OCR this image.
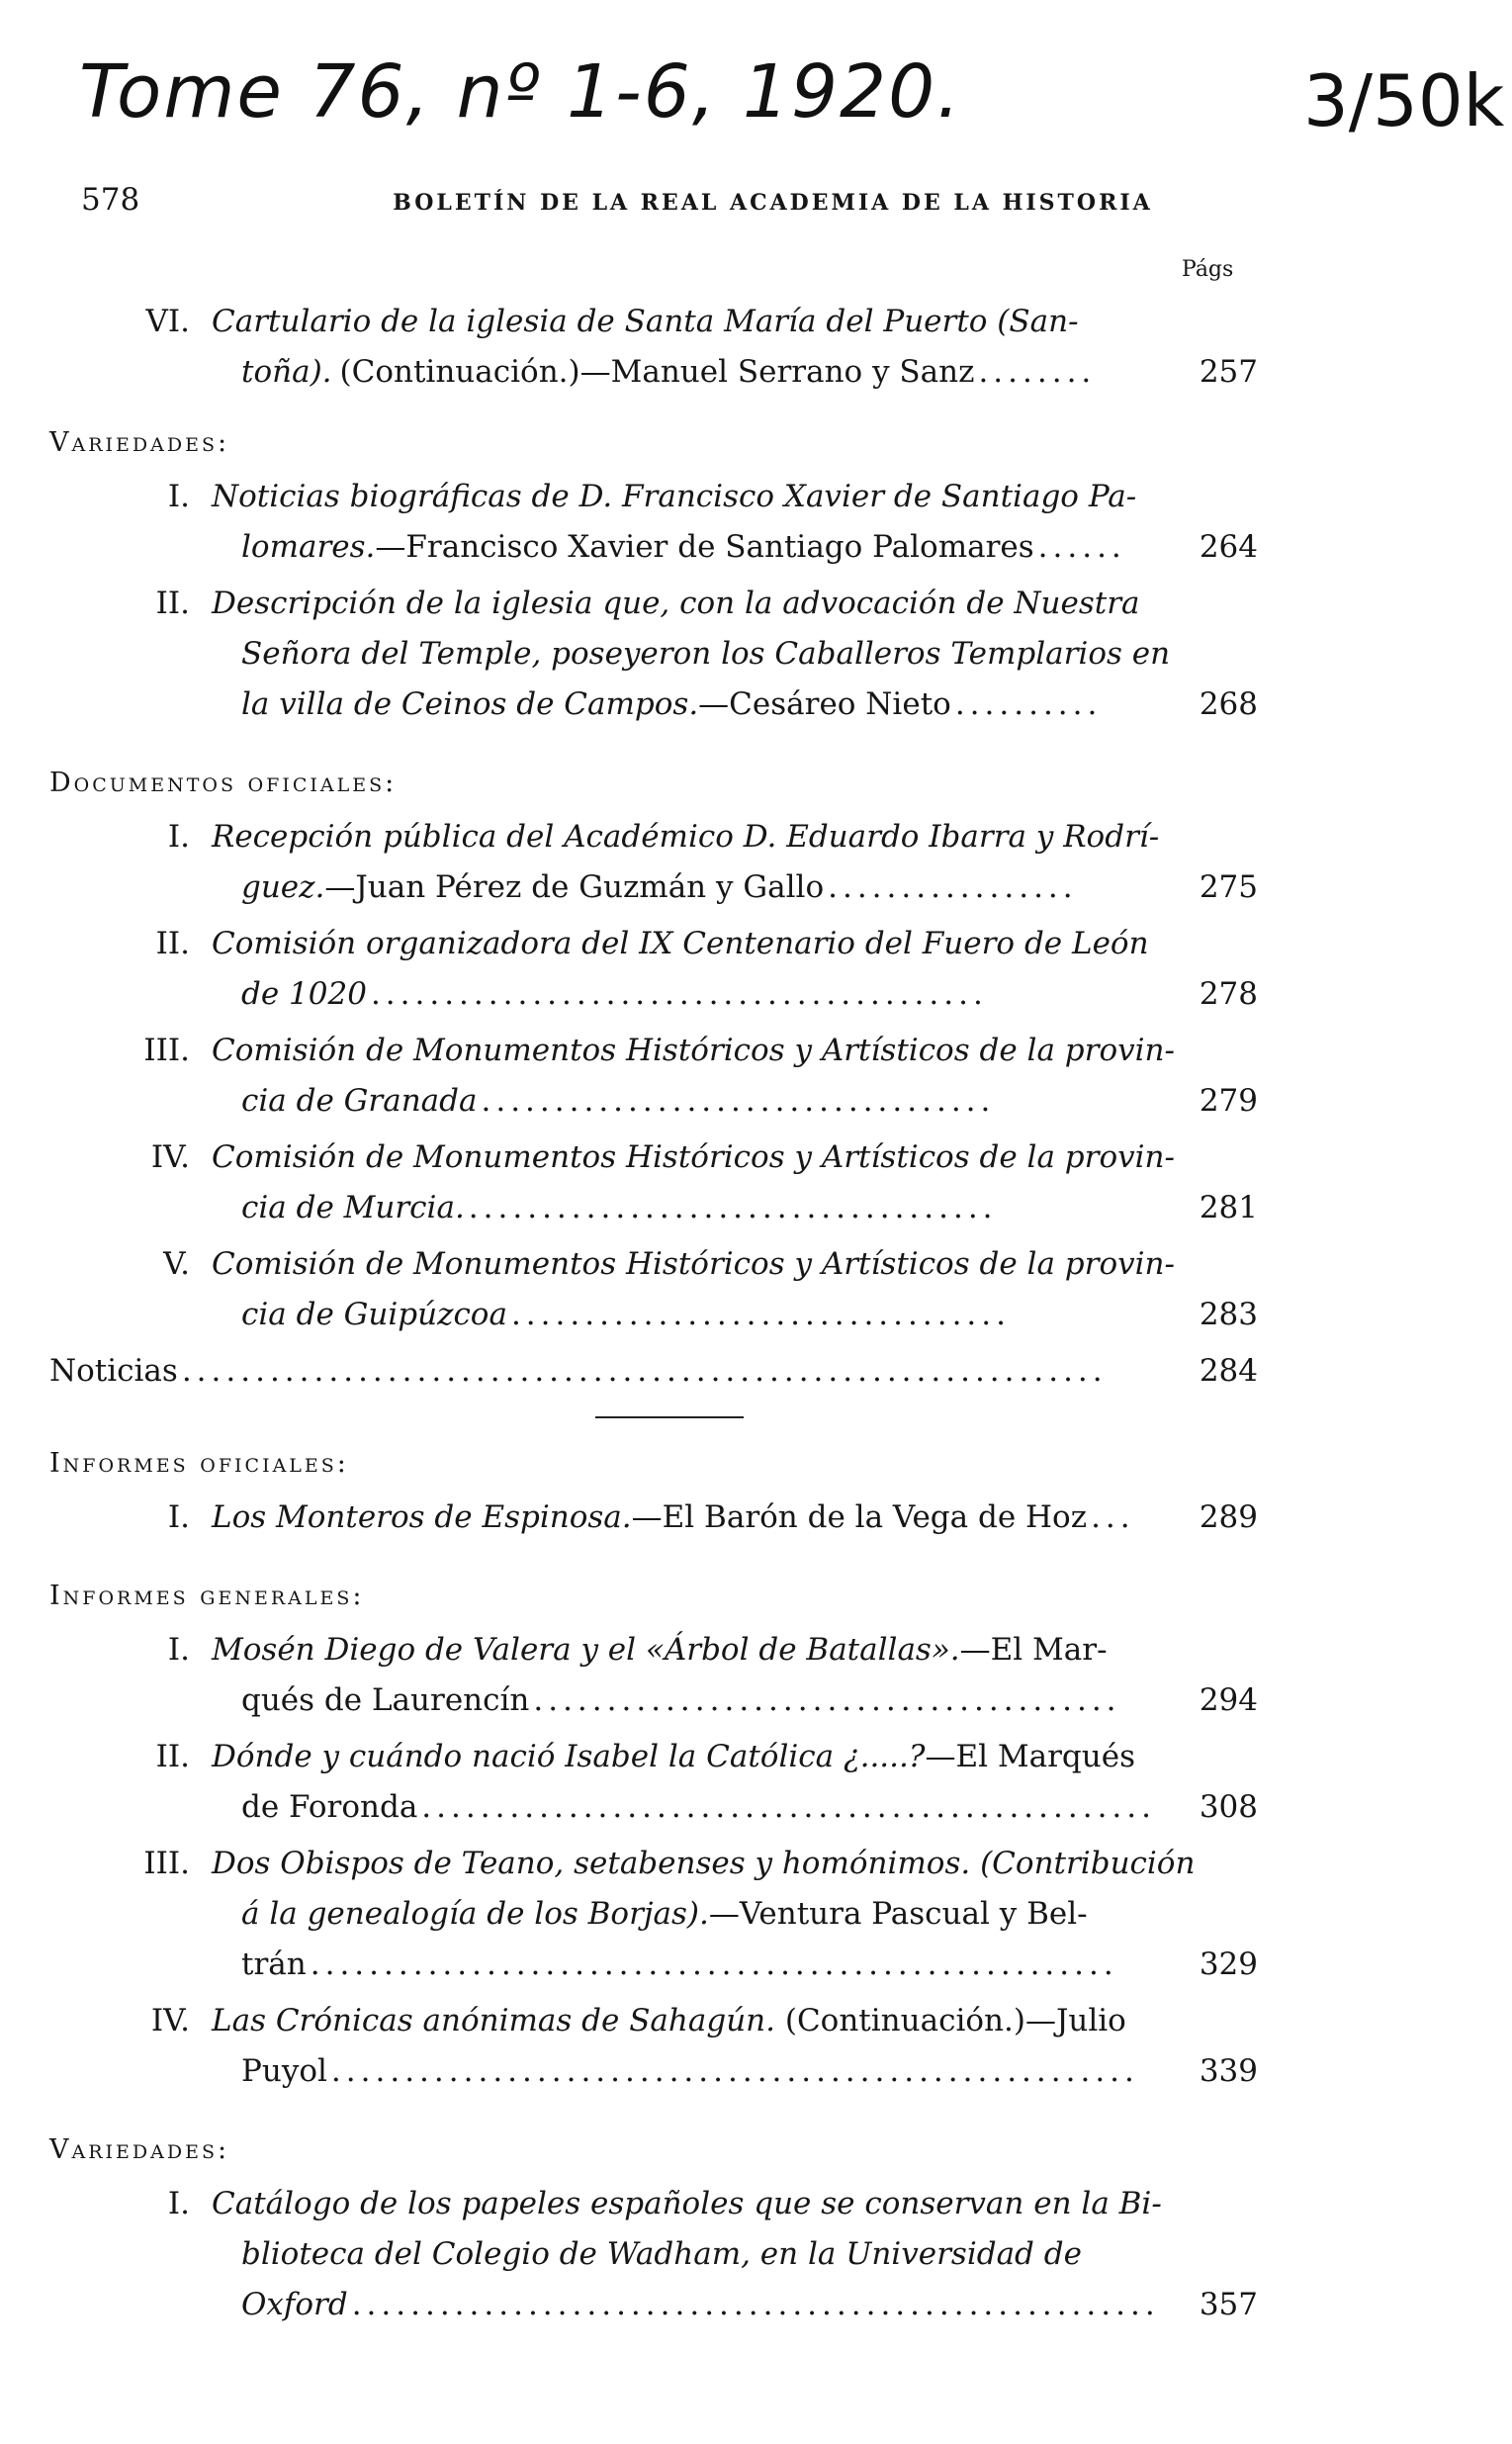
Tome 76, nº 1-6, 1920.	3/50k
578	BOLETÍN DE LA REAL ACADEMIA DE LA HISTORIA
Págs
VI. Cartulario de la iglesia de Santa María del Puerto (San-
toña). (Continuación.)—Manuel Serrano y Sanz ........	257
Variedades:
I. Noticias biográficas de D. Francisco Xavier de Santiago Pa-
lomares. —Francisco Xavier de Santiago Palomares ......	264
II. Descripción de la iglesia que, con la advocación de Nuestra
Señora del Temple, poseyeron los Caballeros Templarios en
la villa de Ceinos de Campos. —Cesáreo Nieto ..........	268
Documentos oficiales:
I. Recepción pública del Académico D. Eduardo Ibarra y Rodrí-
guez. —Juan Pérez de Guzmán y Gallo .................	275
II. Comisión organizadora del IX Centenario del Fuero de León
de 1020 ..........................................	278
III. Comisión de Monumentos Históricos y Artísticos de la provin-
cia de Granada ...................................	279
IV. Comisión de Monumentos Históricos y Artísticos de la provin-
cia de Murcia. ....................................	281
V. Comisión de Monumentos Históricos y Artísticos de la provin-
cia de Guipúzcoa ..................................	283
Noticias ...............................................................	284
Informes oficiales:
I. Los Monteros de Espinosa. —El Barón de la Vega de Hoz ...	289
Informes generales:
I. Mosén Diego de Valera y el «Árbol de Batallas».—El Mar-
qués de Laurencín ........................................	294
II. Dónde y cuándo nació Isabel la Católica ¿.....?—El Marqués
de Foronda ..................................................	308
III. Dos Obispos de Teano, setabenses y homónimos. (Contribución
á la genealogía de los Borjas).—Ventura Pascual y Bel-
trán .......................................................	329
IV. Las Crónicas anónimas de Sahagún. (Continuación.)—Julio
Puyol .......................................................	339
Variedades:
I. Catálogo de los papeles españoles que se conservan en la Bi-
blioteca del Colegio de Wadham, en la Universidad de
Oxford .......................................................	357
